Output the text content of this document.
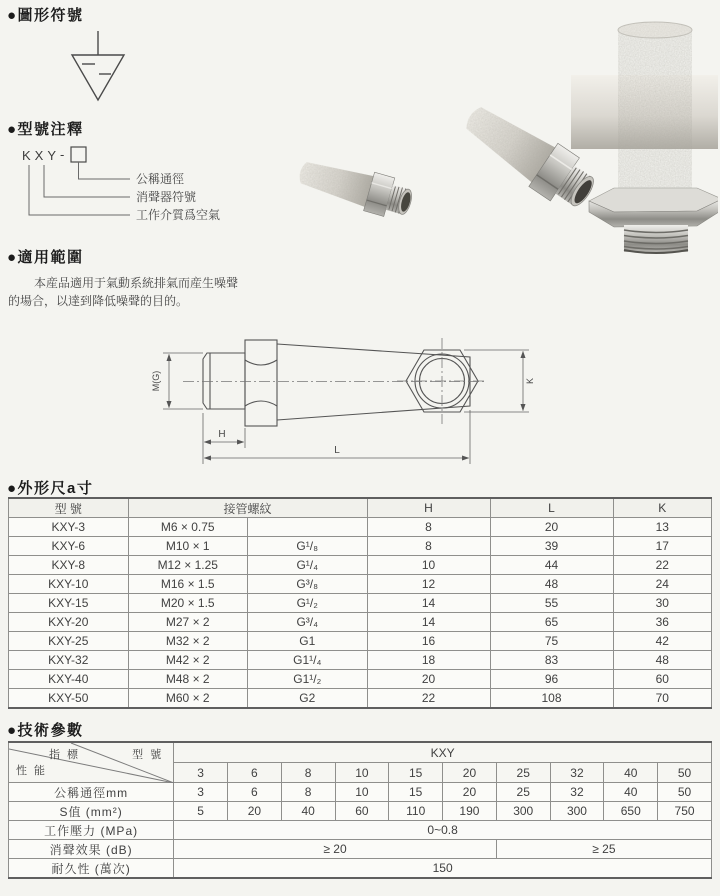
●圖形符號
●型號注釋
●適用範圍
●外形尺a寸
●技術參數
KXY -
公稱通徑
消聲器符號
工作介質爲空氣
本産品適用于氣動系統排氣而産生噪聲
的場合，以達到降低噪聲的目的。
M(G)
H
L
K
型 號	接管螺紋		H	L	K
KXY-3	M6 × 0.75		8	20	13
KXY-6	M10 × 1	G¹/₈	8	39	17
KXY-8	M12 × 1.25	G¹/₄	10	44	22
KXY-10	M16 × 1.5	G³/₈	12	48	24
KXY-15	M20 × 1.5	G¹/₂	14	55	30
KXY-20	M27 × 2	G³/₄	14	65	36
KXY-25	M32 × 2	G1	16	75	42
KXY-32	M42 × 2	G1¹/₄	18	83	48
KXY-40	M48 × 2	G1¹/₂	20	96	60
KXY-50	M60 × 2	G2	22	108	70
指 標 型 號
性 能	KXY									
	3	6	8	10	15	20	25	32	40	50
公稱通徑mm	3	6	8	10	15	20	25	32	40	50
S值 (mm²)	5	20	40	60	110	190	300	300	650	750
工作壓力 (MPa)	0~0.8									
消聲效果 (dB)	≥ 20						≥ 25			
耐久性 (萬次)	150									
